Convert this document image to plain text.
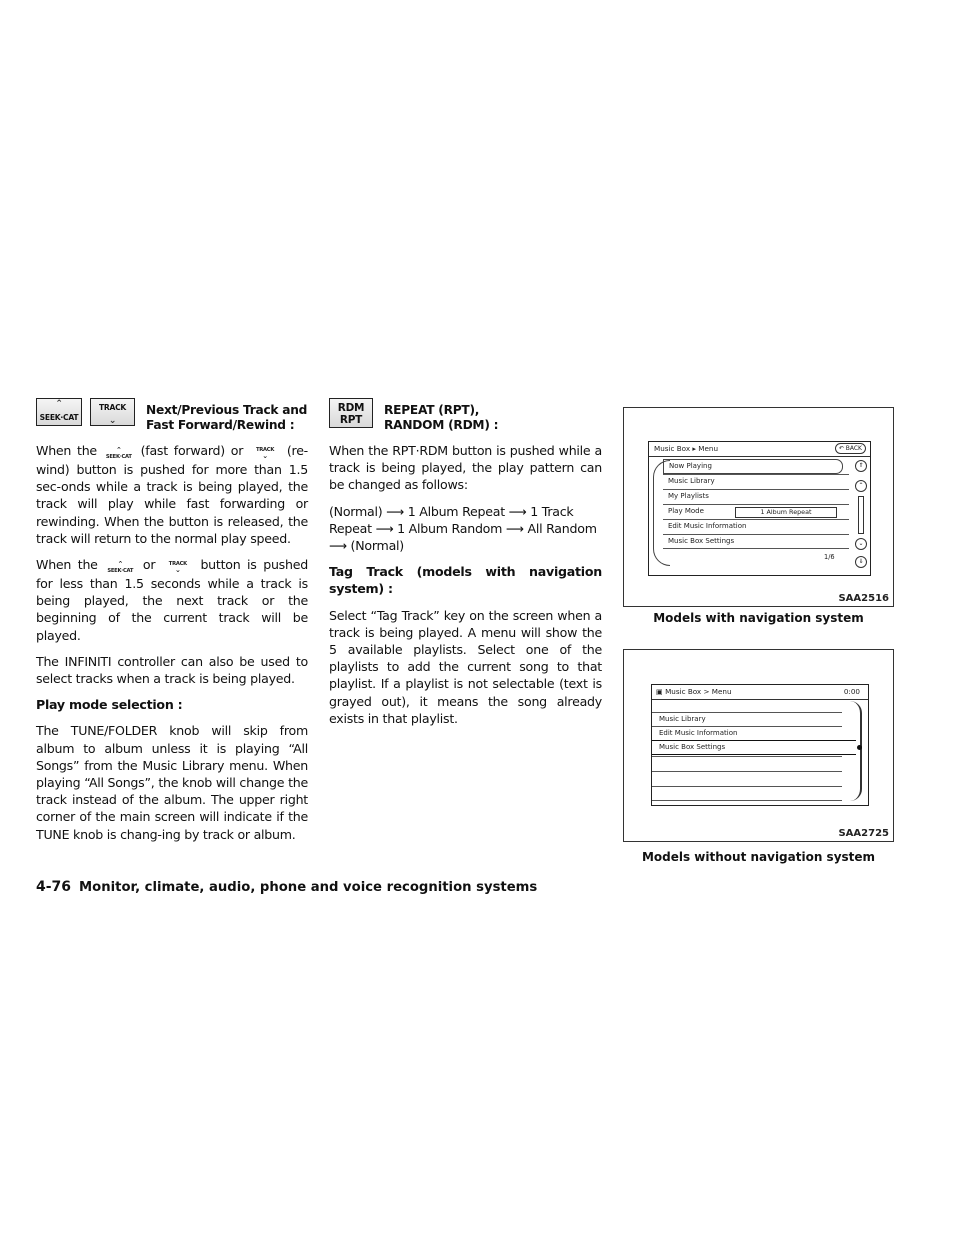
⌃
SEEK·CAT
TRACK
⌄
Next/Previous Track and
Fast Forward/Rewind :

When the	⌃
SEEK·CAT (fast forward) or TRACK
⌄	(re-wind) button is pushed for more than 1.5 sec-onds while a track is being played, the track will play while fast forwarding or rewinding. When the button is released, the track will return to the normal play speed.

When the	⌃
SEEK·CAT or	TRACK
⌄	button is pushed for less than 1.5 seconds while a track is being played, the next track or the beginning of the current track will be played.

The INFINITI controller can also be used to select tracks when a track is being played.

Play mode selection :

The TUNE/FOLDER knob will skip from album to album unless it is playing “All Songs” from the Music Library menu. When playing “All Songs”, the knob will change the track instead of the album. The upper right corner of the main screen will indicate if the TUNE knob is chang-ing by track or album.

RDM
RPT
REPEAT (RPT),
RANDOM (RDM) :

When the RPT·RDM button is pushed while a track is being played, the play pattern can be changed as follows:

(Normal) ⟶ 1 Album Repeat ⟶ 1 Track Repeat ⟶ 1 Album Random ⟶ All Random ⟶ (Normal)

Tag Track (models with navigation system) :

Select “Tag Track” key on the screen when a track is being played. A menu will show the 5 available playlists. Select one of the playlists to add the current song to that playlist. If a playlist is not selectable (text is grayed out), it means the song already exists in that playlist.

Music Box ▸ Menu	↶ BACK
Now Playing
Music Library
My Playlists
Play Mode	1 Album Repeat
Edit Music Information
Music Box Settings
1/6
⇑
⌃
⌄
⇓
SAA2516
Models with navigation system
▣ Music Box > Menu	0:00
Music Library
Edit Music Information
Music Box Settings
SAA2725
Models without navigation system
4-76 Monitor, climate, audio, phone and voice recognition systems
